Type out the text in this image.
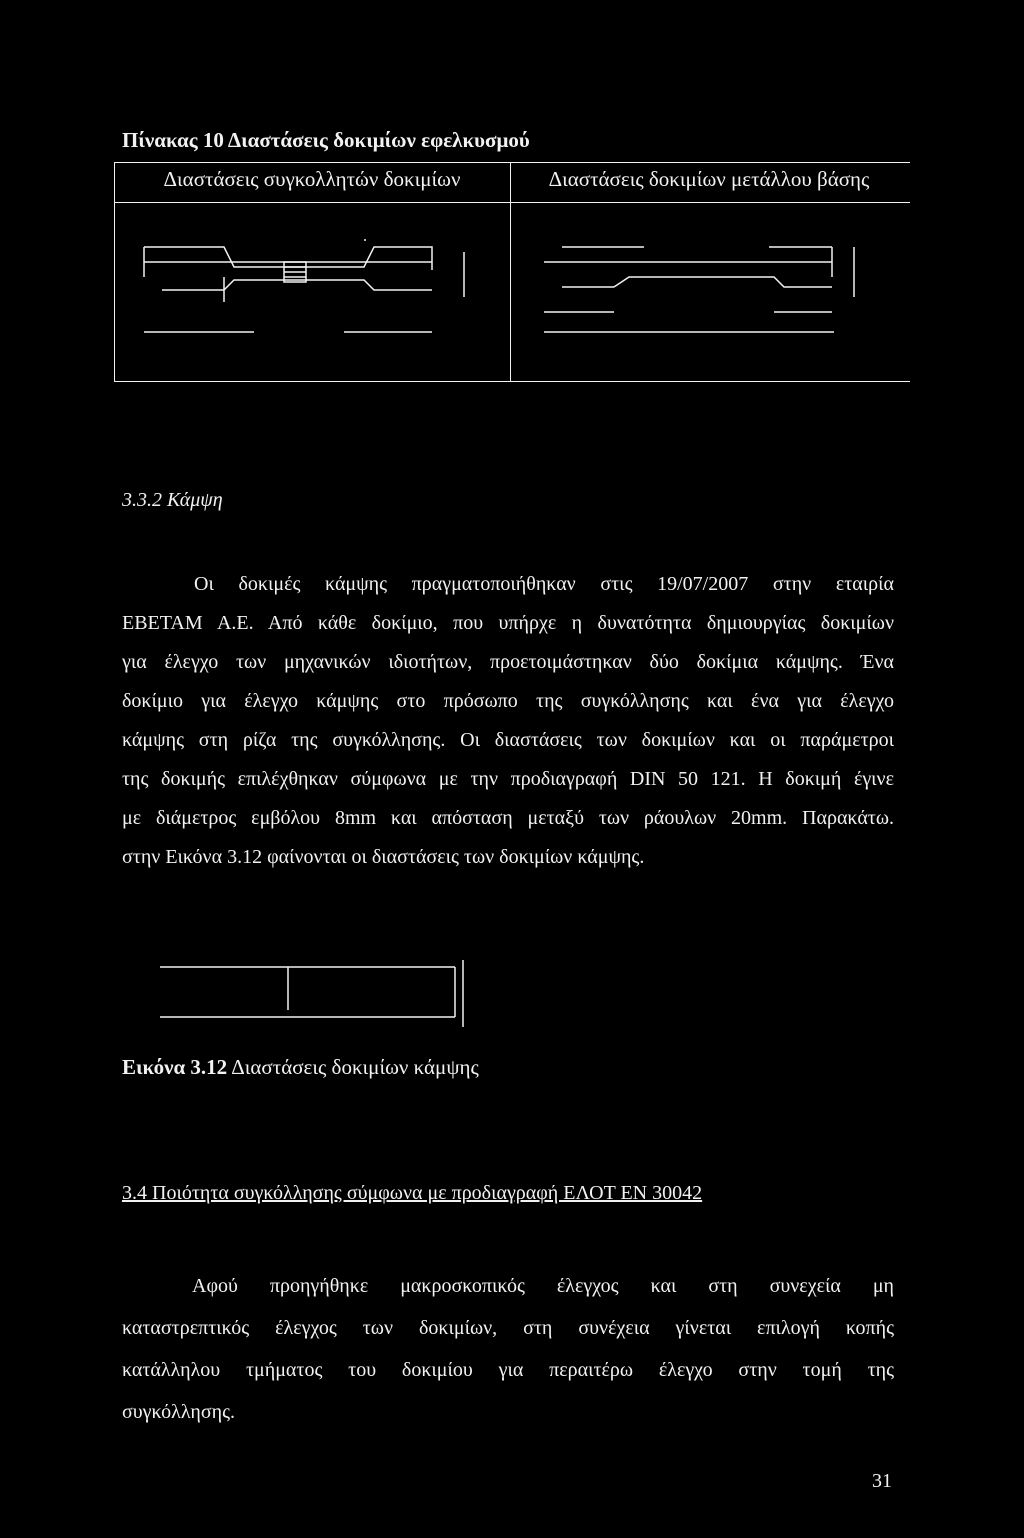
Πίνακας 10 Διαστάσεις δοκιμίων εφελκυσμού
Διαστάσεις συγκολλητών δοκιμίων	Διαστάσεις δοκιμίων μετάλλου βάσης
3.3.2 Κάμψη
Οι δοκιμές κάμψης πραγματοποιήθηκαν στις 19/07/2007 στην εταιρία
ΕΒΕΤΑΜ Α.Ε. Από κάθε δοκίμιο, που υπήρχε η δυνατότητα δημιουργίας δοκιμίων
για έλεγχο των μηχανικών ιδιοτήτων, προετοιμάστηκαν δύο δοκίμια κάμψης. Ένα
δοκίμιο για έλεγχο κάμψης στο πρόσωπο της συγκόλλησης και ένα για έλεγχο
κάμψης στη ρίζα της συγκόλλησης. Οι διαστάσεις των δοκιμίων και οι παράμετροι
της δοκιμής επιλέχθηκαν σύμφωνα με την προδιαγραφή DIN 50 121. Η δοκιμή έγινε
με διάμετρος εμβόλου 8mm και απόσταση μεταξύ των ράουλων 20mm. Παρακάτω.
στην Εικόνα 3.12 φαίνονται οι διαστάσεις των δοκιμίων κάμψης.
Εικόνα 3.12 Διαστάσεις δοκιμίων κάμψης
3.4 Ποιότητα συγκόλλησης σύμφωνα με προδιαγραφή ΕΛΟΤ ΕΝ 30042
Αφού προηγήθηκε μακροσκοπικός έλεγχος και στη συνεχεία μη
καταστρεπτικός έλεγχος των δοκιμίων, στη συνέχεια γίνεται επιλογή κοπής
κατάλληλου τμήματος του δοκιμίου για περαιτέρω έλεγχο στην τομή της
συγκόλλησης.
31
